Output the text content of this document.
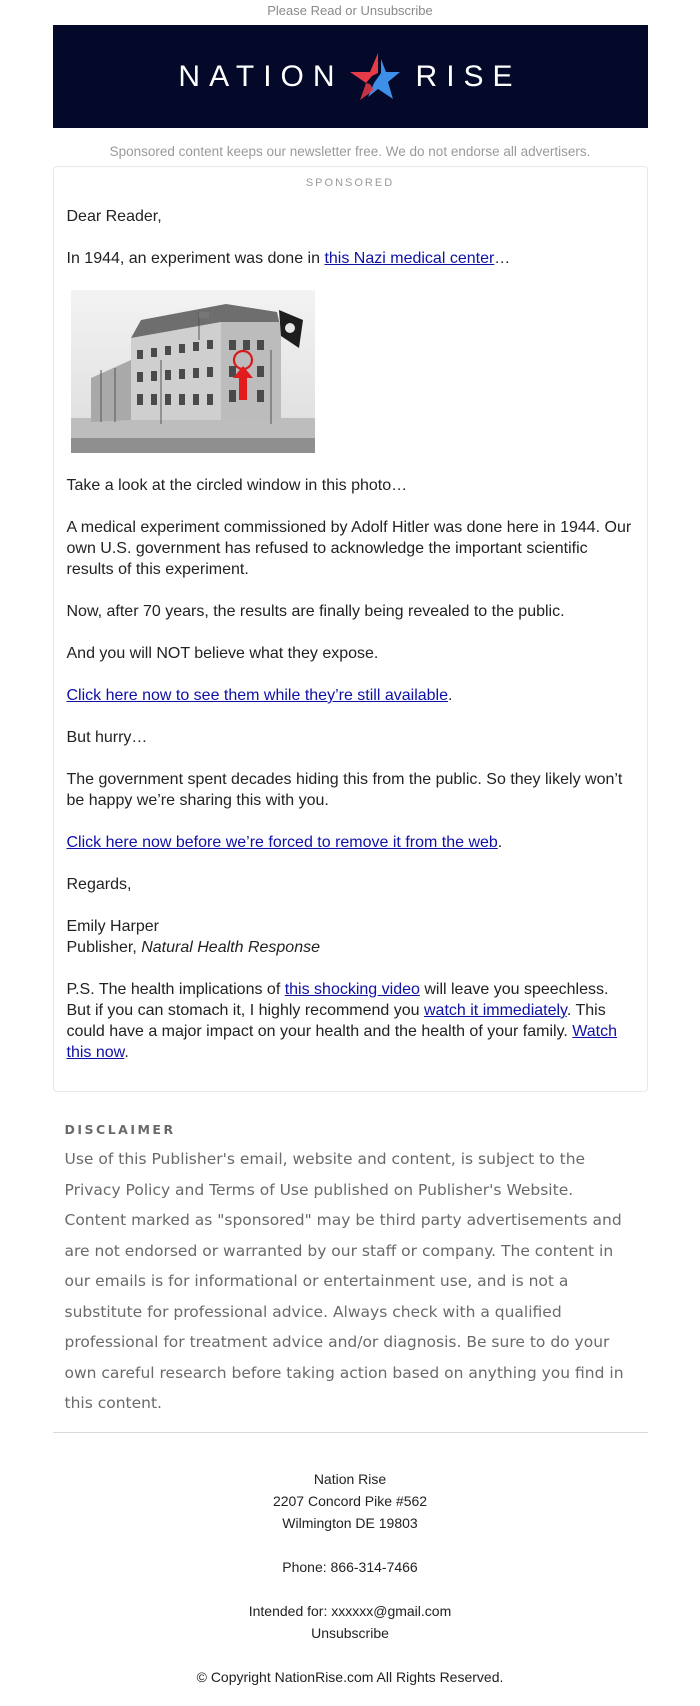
Please Read or Unsubscribe
NATION RISE
Sponsored content keeps our newsletter free. We do not endorse all advertisers.
SPONSORED

Dear Reader,

In 1944, an experiment was done in this Nazi medical center…

Take a look at the circled window in this photo…

A medical experiment commissioned by Adolf Hitler was done here in 1944. Our own U.S. government has refused to acknowledge the important scientific results of this experiment.

Now, after 70 years, the results are finally being revealed to the public.

And you will NOT believe what they expose.

Click here now to see them while they’re still available.

But hurry…

The government spent decades hiding this from the public. So they likely won’t be happy we’re sharing this with you.

Click here now before we’re forced to remove it from the web.

Regards,

Emily Harper
Publisher, Natural Health Response

P.S. The health implications of this shocking video will leave you speechless. But if you can stomach it, I highly recommend you watch it immediately. This could have a major impact on your health and the health of your family. Watch this now.

DISCLAIMER
Use of this Publisher's email, website and content, is subject to the Privacy Policy and Terms of Use published on Publisher's Website. Content marked as "sponsored" may be third party advertisements and are not endorsed or warranted by our staff or company. The content in our emails is for informational or entertainment use, and is not a substitute for professional advice. Always check with a qualified professional for treatment advice and/or diagnosis. Be sure to do your own careful research before taking action based on anything you find in this content.
Nation Rise
2207 Concord Pike #562
Wilmington DE 19803
Phone: 866-314-7466
Intended for: xxxxxx@gmail.com
Unsubscribe
© Copyright NationRise.com All Rights Reserved.
